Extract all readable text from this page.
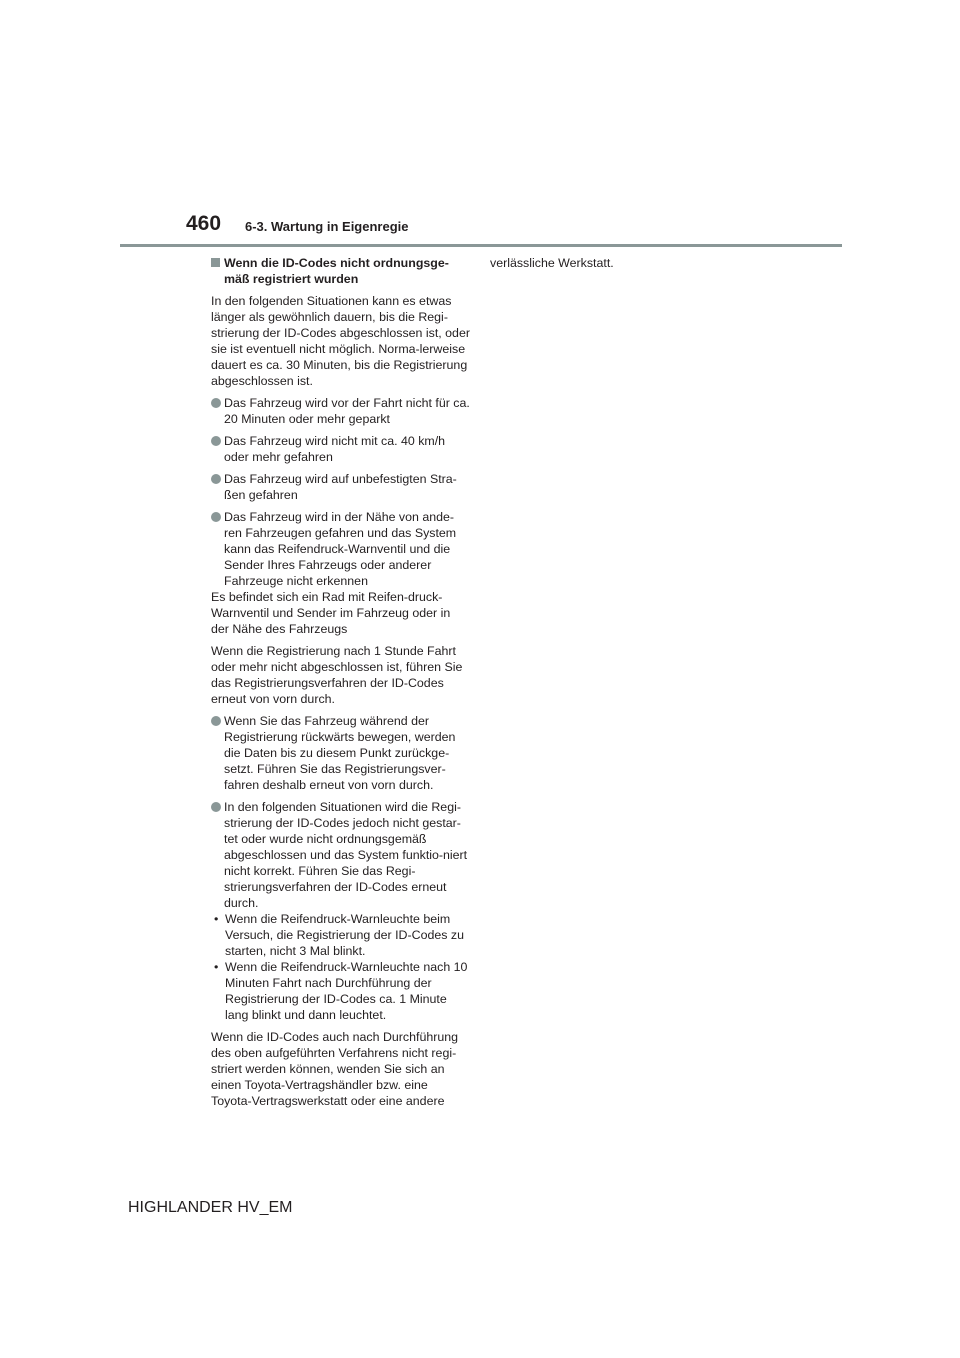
460 6-3. Wartung in Eigenregie

Wenn die ID-Codes nicht ordnungsge-
mäß registriert wurden

In den folgenden Situationen kann es etwas länger als gewöhnlich dauern, bis die Regi-strierung der ID-Codes abgeschlossen ist, oder sie ist eventuell nicht möglich. Norma-lerweise dauert es ca. 30 Minuten, bis die Registrierung abgeschlossen ist.

Das Fahrzeug wird vor der Fahrt nicht für ca. 20 Minuten oder mehr geparkt

Das Fahrzeug wird nicht mit ca. 40 km/h oder mehr gefahren

Das Fahrzeug wird auf unbefestigten Stra-ßen gefahren

Das Fahrzeug wird in der Nähe von ande-ren Fahrzeugen gefahren und das System kann das Reifendruck-Warnventil und die Sender Ihres Fahrzeugs oder anderer Fahrzeuge nicht erkennen

Es befindet sich ein Rad mit Reifen-druck-Warnventil und Sender im Fahrzeug oder in der Nähe des Fahrzeugs

Wenn die Registrierung nach 1 Stunde Fahrt oder mehr nicht abgeschlossen ist, führen Sie das Registrierungsverfahren der ID-Codes erneut von vorn durch.

Wenn Sie das Fahrzeug während der Registrierung rückwärts bewegen, werden die Daten bis zu diesem Punkt zurückge-setzt. Führen Sie das Registrierungsver-fahren deshalb erneut von vorn durch.

In den folgenden Situationen wird die Regi-strierung der ID-Codes jedoch nicht gestar-tet oder wurde nicht ordnungsgemäß abgeschlossen und das System funktio-niert nicht korrekt. Führen Sie das Regi-strierungsverfahren der ID-Codes erneut durch.

• Wenn die Reifendruck-Warnleuchte beim Versuch, die Registrierung der ID-Codes zu starten, nicht 3 Mal blinkt.

• Wenn die Reifendruck-Warnleuchte nach 10 Minuten Fahrt nach Durchführung der Registrierung der ID-Codes ca. 1 Minute lang blinkt und dann leuchtet.

Wenn die ID-Codes auch nach Durchführung des oben aufgeführten Verfahrens nicht regi-striert werden können, wenden Sie sich an einen Toyota-Vertragshändler bzw. eine Toyota-Vertragswerkstatt oder eine andere

verlässliche Werkstatt.

HIGHLANDER HV_EM
